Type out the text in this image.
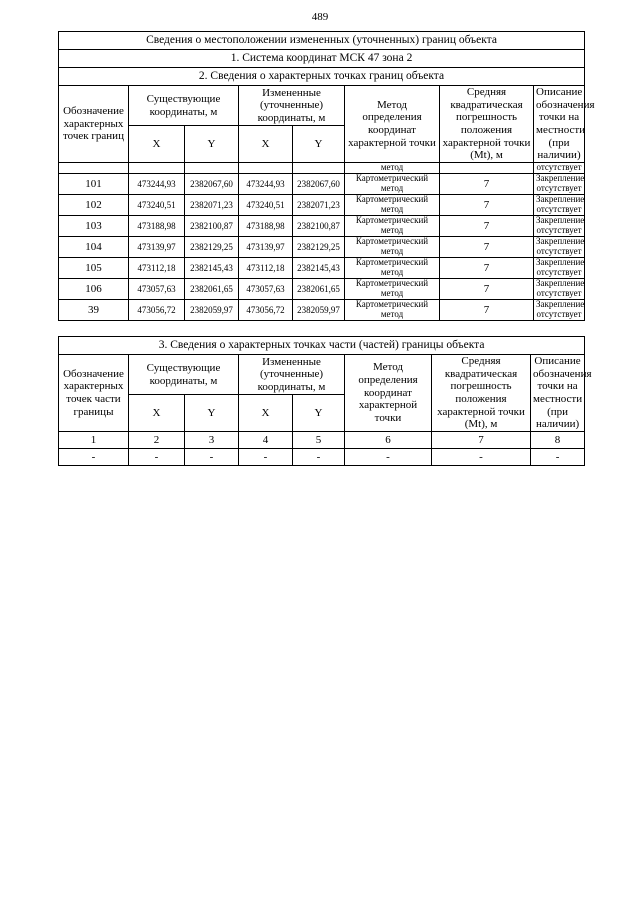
489
Сведения о местоположении измененных (уточненных) границ объекта							
1. Система координат МСК 47 зона 2							
2. Сведения о характерных точках границ объекта							
Обозначение характерных точек границ	Существующие координаты, м		Измененные (уточненные) координаты, м		Метод определения координат характерной точки	Средняя квадратическая погрешность положения характерной точки (Mt), м	Описание обозначения точки на местности (при наличии)
	X	Y	X	Y			
					метод		отсутствует
101	473244,93	2382067,60	473244,93	2382067,60	Картометрический метод	7	Закрепление отсутствует
102	473240,51	2382071,23	473240,51	2382071,23	Картометрический метод	7	Закрепление отсутствует
103	473188,98	2382100,87	473188,98	2382100,87	Картометрический метод	7	Закрепление отсутствует
104	473139,97	2382129,25	473139,97	2382129,25	Картометрический метод	7	Закрепление отсутствует
105	473112,18	2382145,43	473112,18	2382145,43	Картометрический метод	7	Закрепление отсутствует
106	473057,63	2382061,65	473057,63	2382061,65	Картометрический метод	7	Закрепление отсутствует
39	473056,72	2382059,97	473056,72	2382059,97	Картометрический метод	7	Закрепление отсутствует
3. Сведения о характерных точках части (частей) границы объекта							
Обозначение характерных точек части границы	Существующие координаты, м		Измененные (уточненные) координаты, м		Метод определения координат характерной точки	Средняя квадратическая погрешность положения характерной точки (Mt), м	Описание обозначения точки на местности (при наличии)
	X	Y	X	Y			
1	2	3	4	5	6	7	8
-	-	-	-	-	-	-	-
